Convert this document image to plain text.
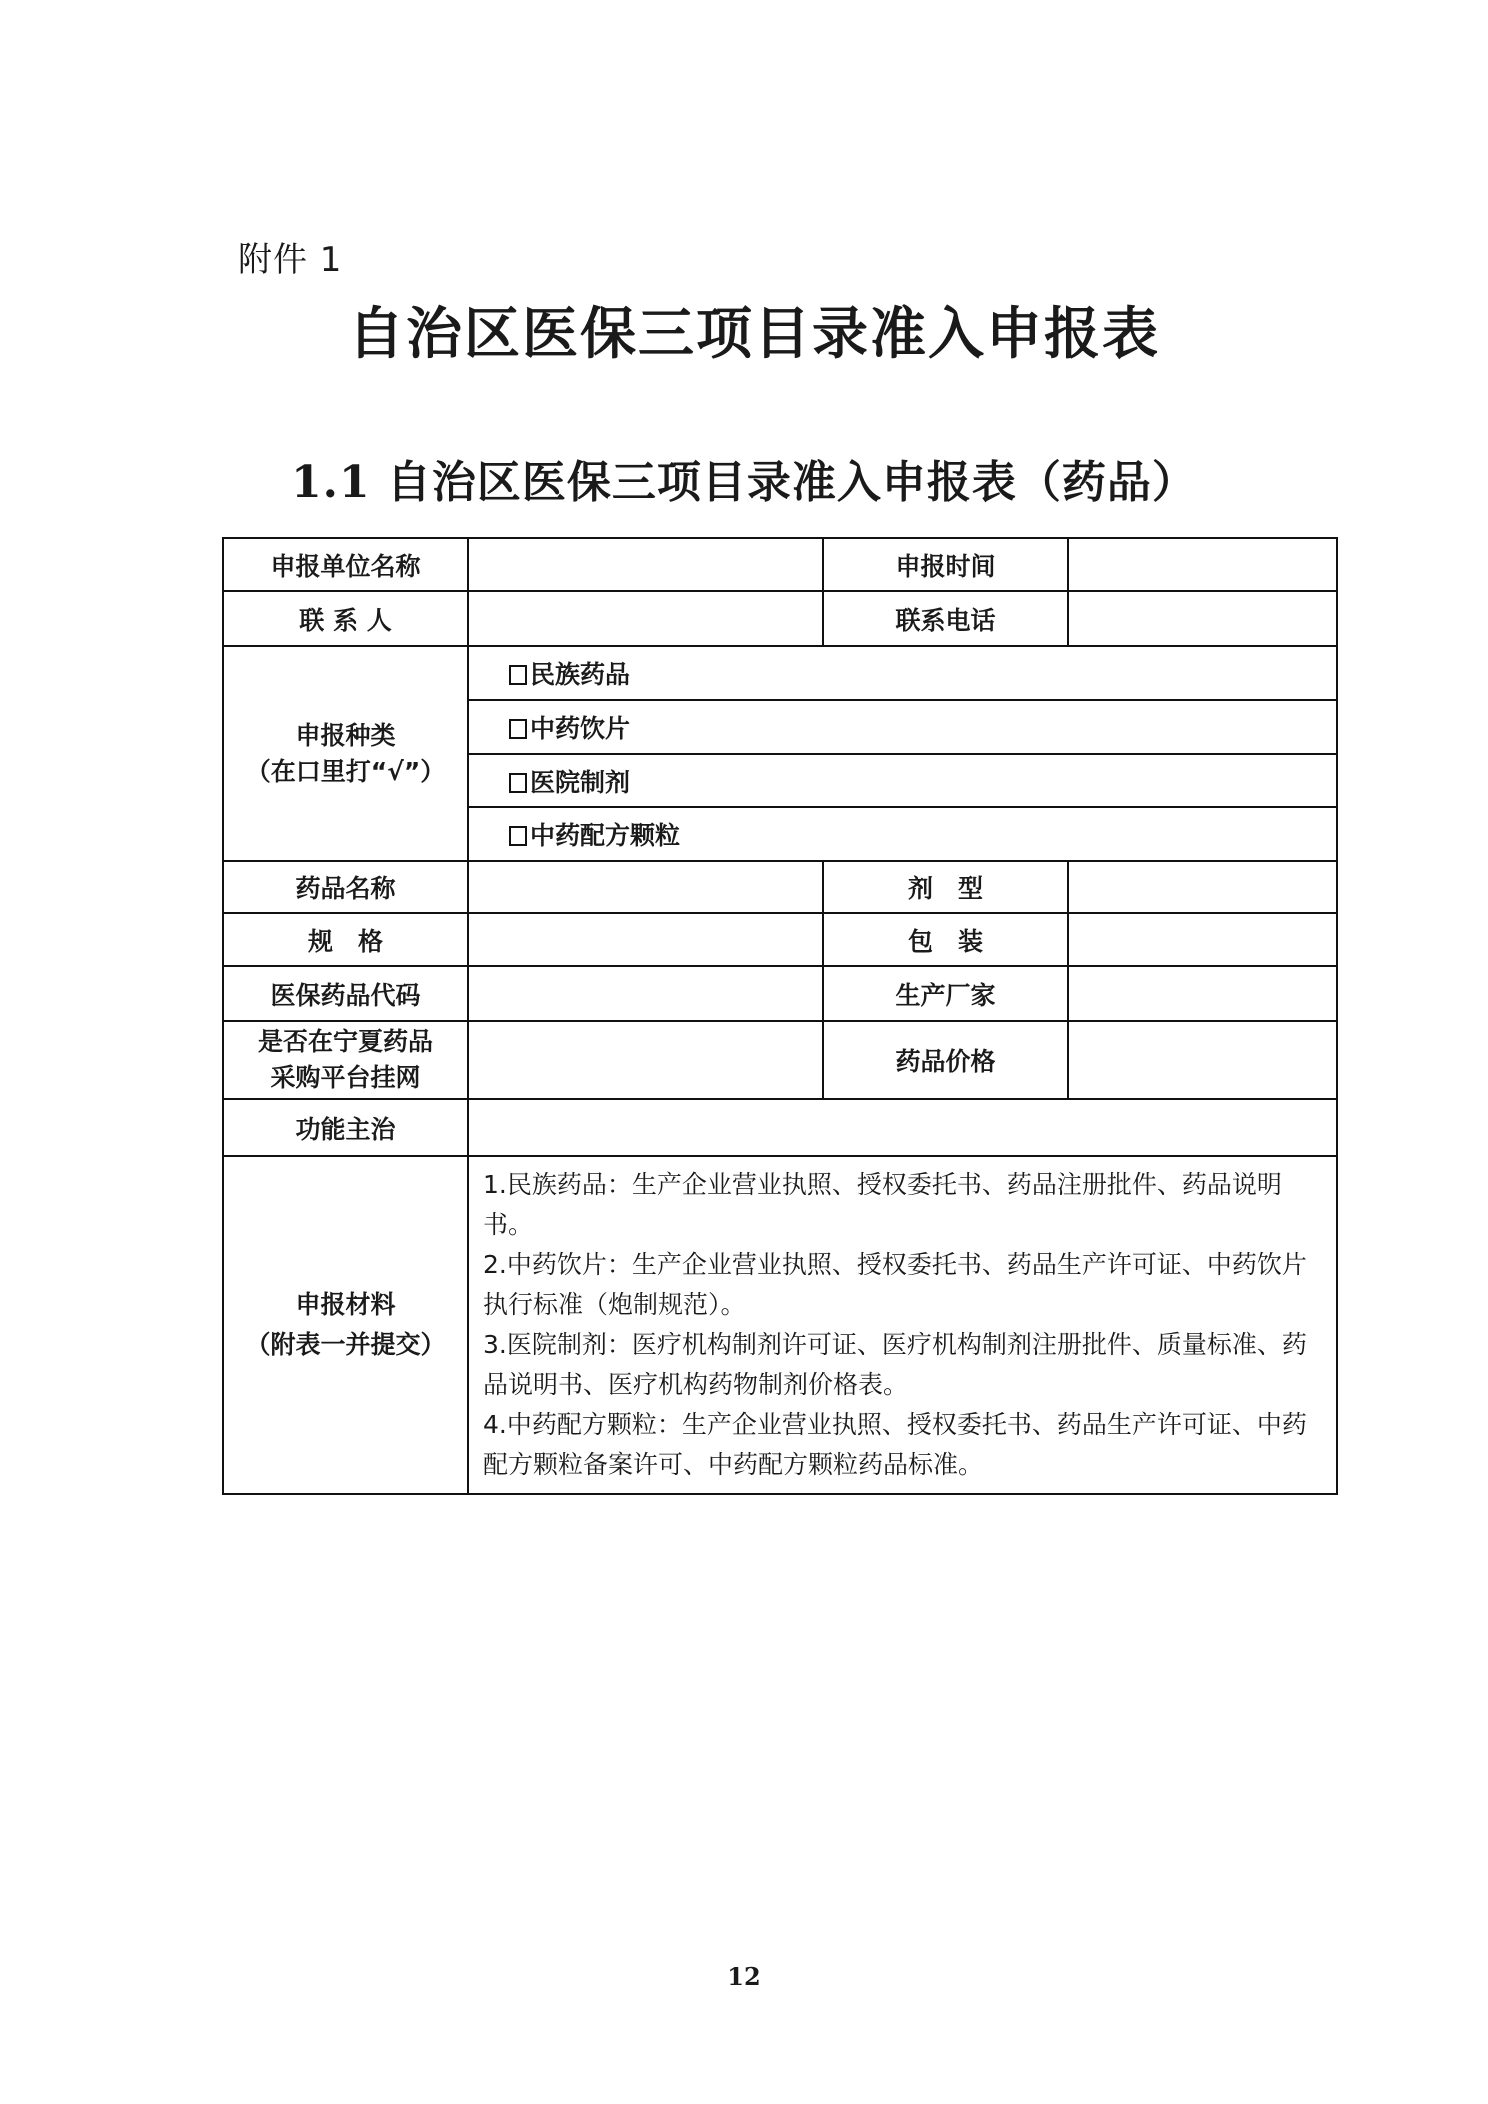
附件 1
自治区医保三项目录准入申报表
1.1 自治区医保三项目录准入申报表（药品）
申报单位名称		申报时间	
联 系 人		联系电话	

申报种类
（在口里打“√”）	民族药品		
	中药饮片		
	医院制剂		
	中药配方颗粒		
药品名称		剂　型	
规　格		包　装	
医保药品代码		生产厂家	

是否在宁夏药品
采购平台挂网		药品价格	
功能主治			

申报材料
（附表一并提交）

1.民族药品：生产企业营业执照、授权委托书、药品注册批件、药品说明书。

2.中药饮片：生产企业营业执照、授权委托书、药品生产许可证、中药饮片执行标准（炮制规范）。

3.医院制剂：医疗机构制剂许可证、医疗机构制剂注册批件、质量标准、药品说明书、医疗机构药物制剂价格表。

4.中药配方颗粒：生产企业营业执照、授权委托书、药品生产许可证、中药配方颗粒备案许可、中药配方颗粒药品标准。

12
